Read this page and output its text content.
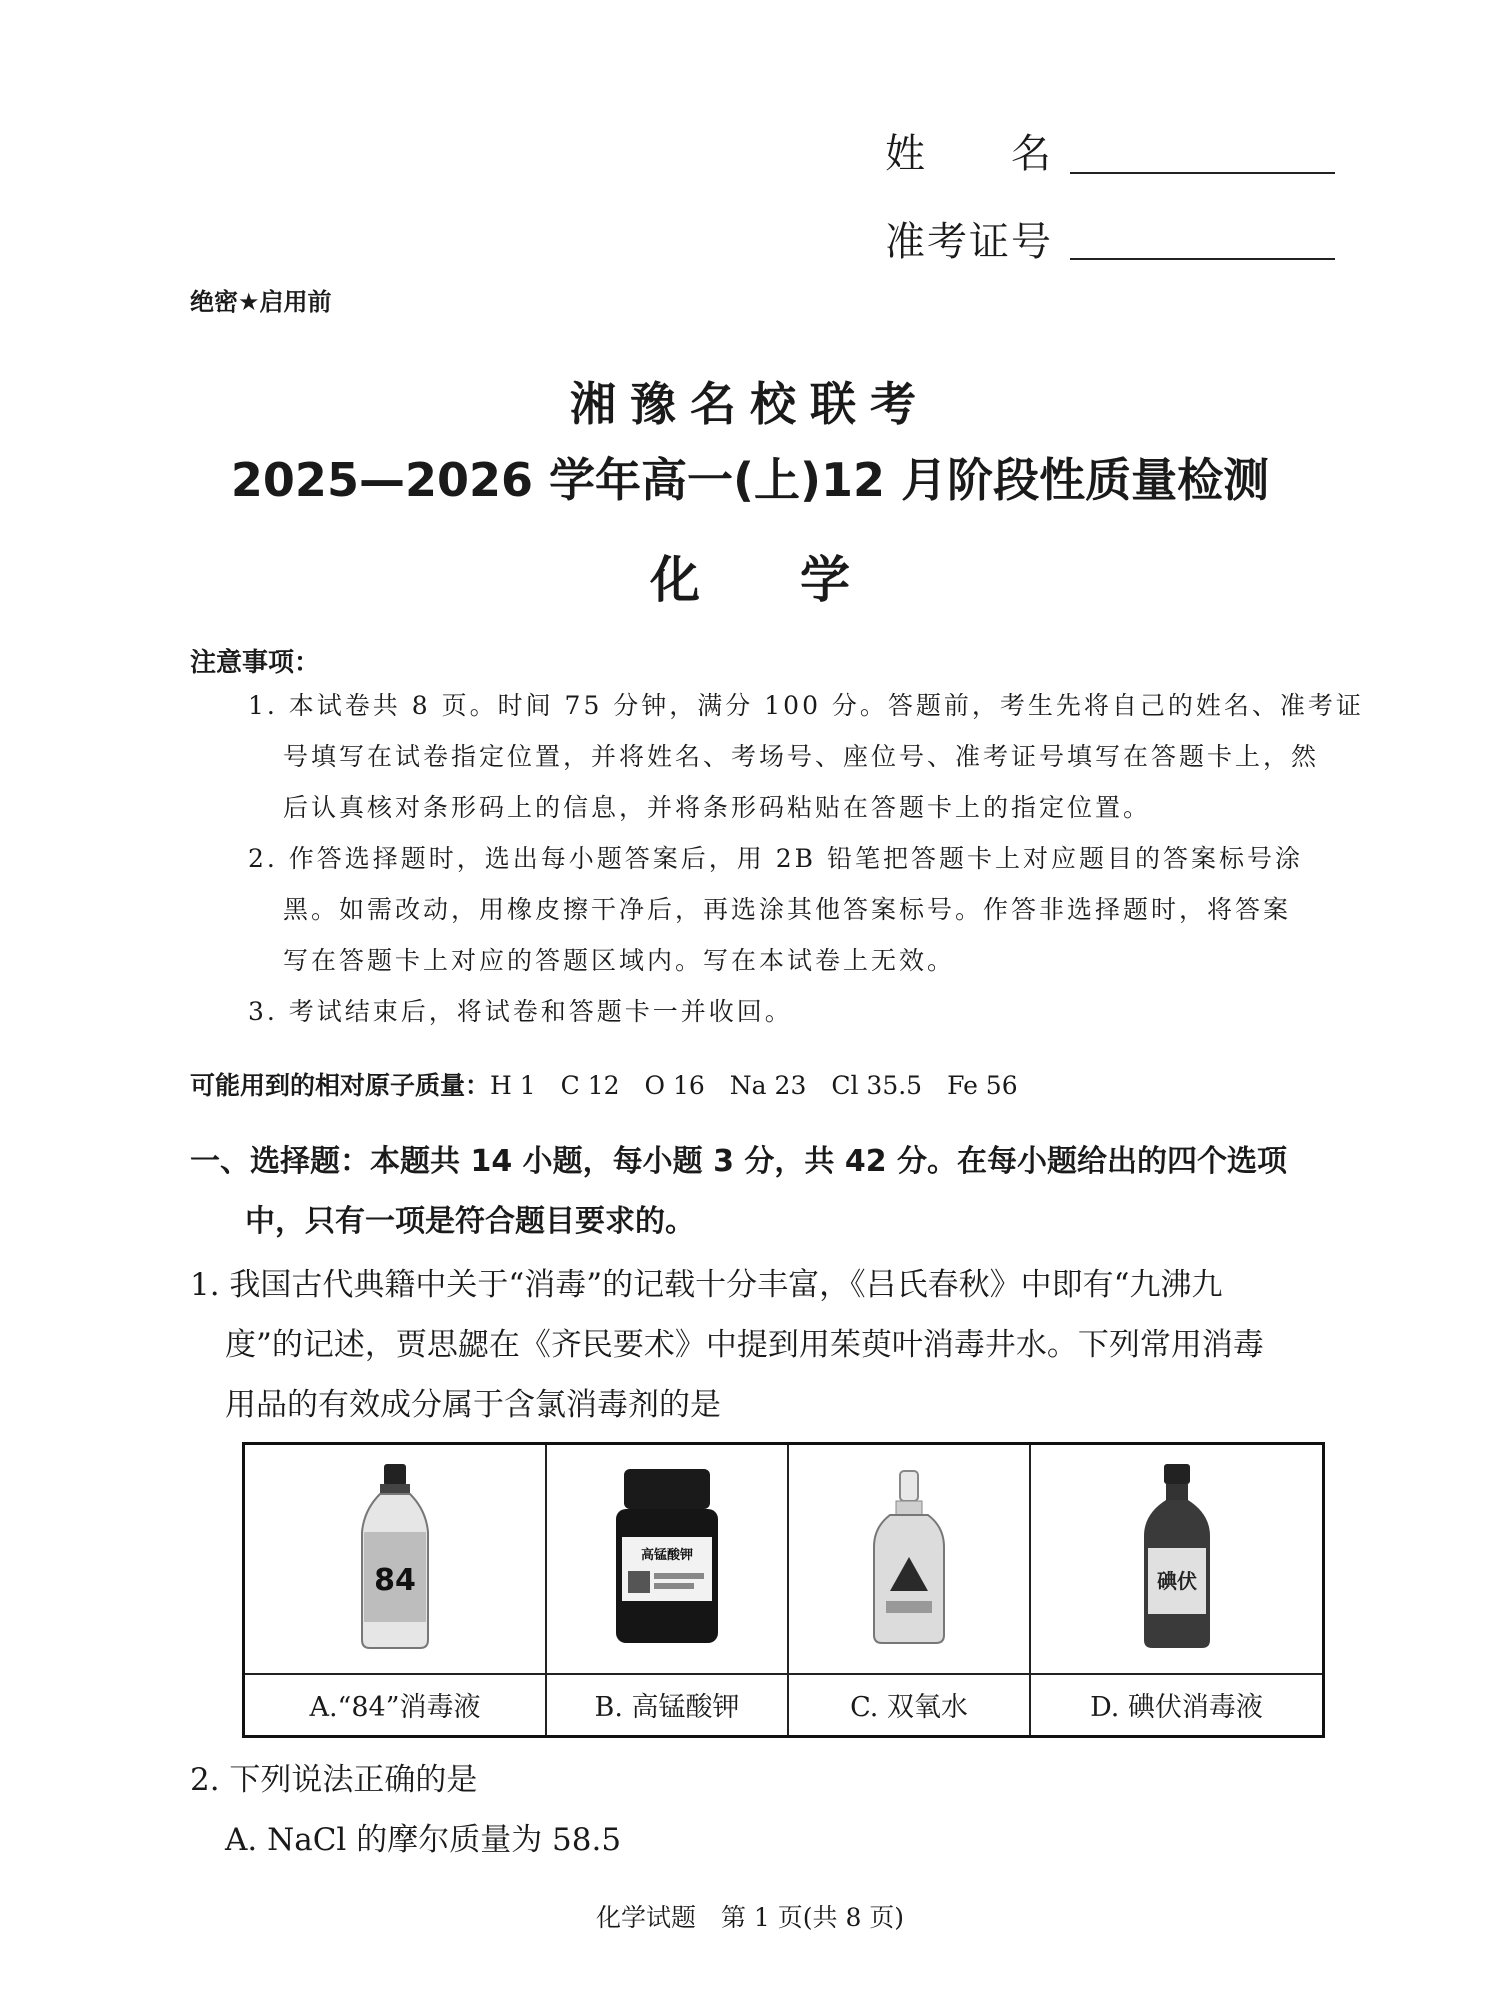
姓　　名
准考证号
绝密★启用前
湘豫名校联考
2025—2026 学年高一(上)12 月阶段性质量检测
化　　学
注意事项：
1. 本试卷共 8 页。时间 75 分钟，满分 100 分。答题前，考生先将自己的姓名、准考证
号填写在试卷指定位置，并将姓名、考场号、座位号、准考证号填写在答题卡上，然
后认真核对条形码上的信息，并将条形码粘贴在答题卡上的指定位置。
2. 作答选择题时，选出每小题答案后，用 2B 铅笔把答题卡上对应题目的答案标号涂
黑。如需改动，用橡皮擦干净后，再选涂其他答案标号。作答非选择题时，将答案
写在答题卡上对应的答题区域内。写在本试卷上无效。
3. 考试结束后，将试卷和答题卡一并收回。
可能用到的相对原子质量：H 1　C 12　O 16　Na 23　Cl 35.5　Fe 56
一、选择题：本题共 14 小题，每小题 3 分，共 42 分。在每小题给出的四个选项
中，只有一项是符合题目要求的。
1. 我国古代典籍中关于“消毒”的记载十分丰富，《吕氏春秋》中即有“九沸九
度”的记述，贾思勰在《齐民要术》中提到用茱萸叶消毒井水。下列常用消毒
用品的有效成分属于含氯消毒剂的是
84	高锰酸钾		碘伏

A.“84”消毒液	B. 高锰酸钾	C. 双氧水	D. 碘伏消毒液
2. 下列说法正确的是
A. NaCl 的摩尔质量为 58.5
化学试题　第 1 页(共 8 页)
